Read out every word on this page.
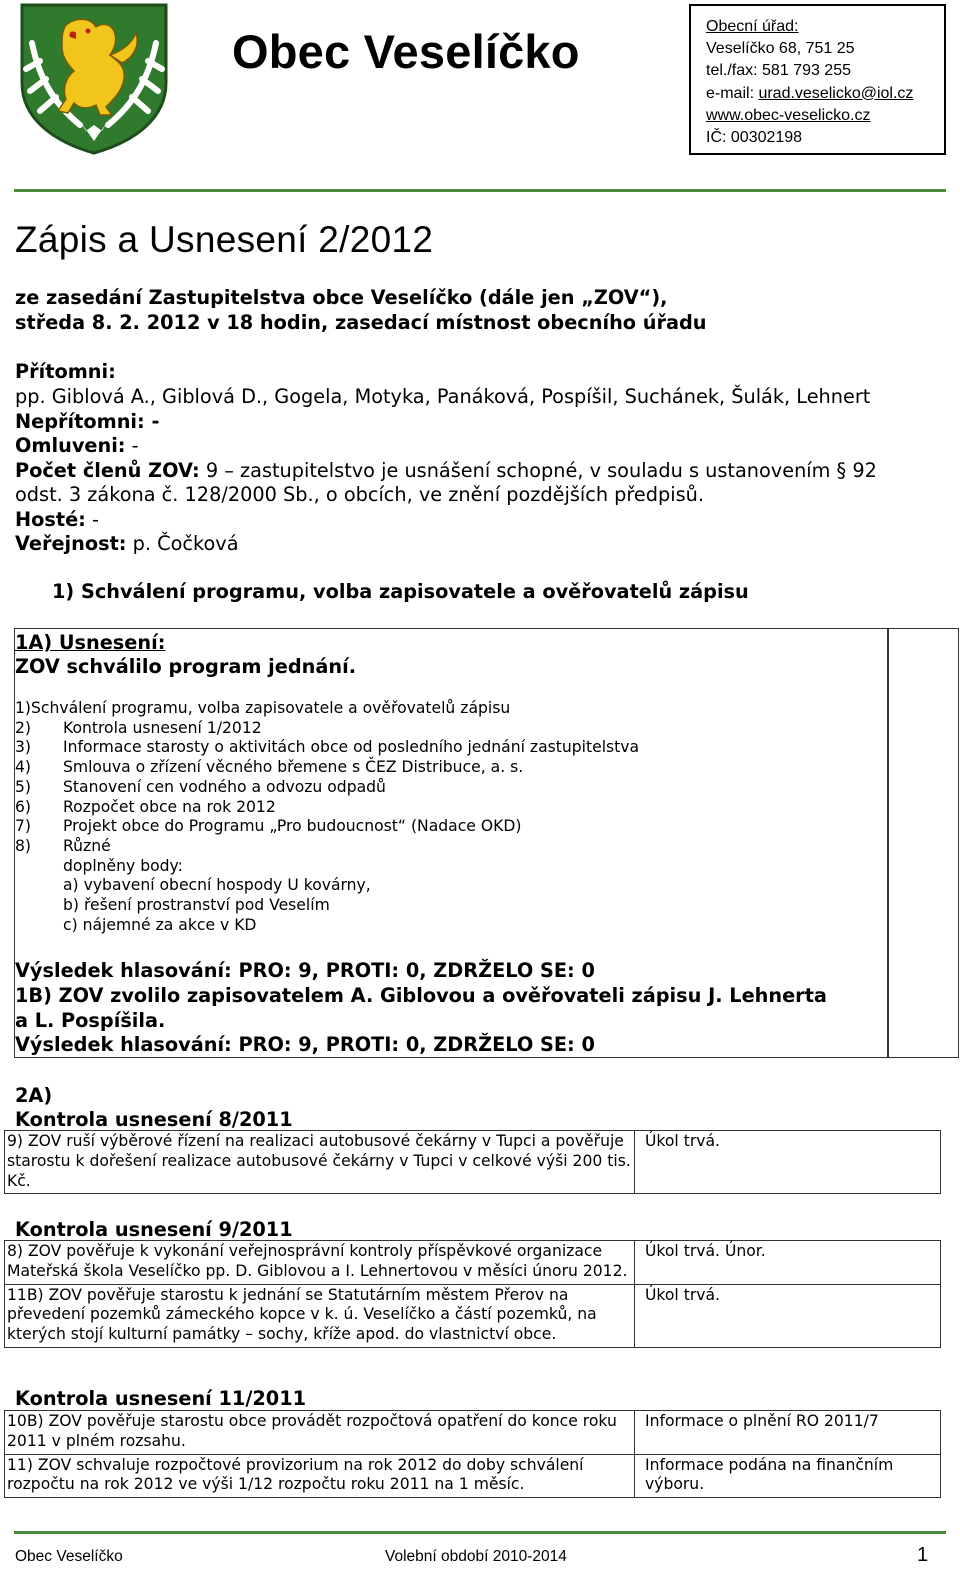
Obec Veselíčko	Obecní úřad:
Veselíčko 68, 751 25
tel./fax: 581 793 255
e-mail: urad.veselicko@iol.cz
www.obec-veselicko.cz
IČ: 00302198
Zápis a Usnesení 2/2012
ze zasedání Zastupitelstva obce Veselíčko (dále jen „ZOV“),
středa 8. 2. 2012 v 18 hodin, zasedací místnost obecního úřadu
Přítomni:
pp. Giblová A., Giblová D., Gogela, Motyka, Panáková, Pospíšil, Suchánek, Šulák, Lehnert
Nepřítomni: -
Omluveni: -
Počet členů ZOV: 9 – zastupitelstvo je usnášení schopné, v souladu s ustanovením § 92
odst. 3 zákona č. 128/2000 Sb., o obcích, ve znění pozdějších předpisů.
Hosté: -
Veřejnost: p. Čočková
1) Schválení programu, volba zapisovatele a ověřovatelů zápisu
1A) Usnesení:
ZOV schválilo program jednání.
1)Schválení programu, volba zapisovatele a ověřovatelů zápisu
2) Kontrola usnesení 1/2012
3) Informace starosty o aktivitách obce od posledního jednání zastupitelstva
4) Smlouva o zřízení věcného břemene s ČEZ Distribuce, a. s.
5) Stanovení cen vodného a odvozu odpadů
6) Rozpočet obce na rok 2012
7) Projekt obce do Programu „Pro budoucnost“ (Nadace OKD)
8) Různé
doplněny body:
a) vybavení obecní hospody U kovárny,
b) řešení prostranství pod Veselím
c) nájemné za akce v KD
Výsledek hlasování: PRO: 9, PROTI: 0, ZDRŽELO SE: 0
1B) ZOV zvolilo zapisovatelem A. Giblovou a ověřovateli zápisu J. Lehnerta
a L. Pospíšila.
Výsledek hlasování: PRO: 9, PROTI: 0, ZDRŽELO SE: 0
2A)
Kontrola usnesení 8/2011
9) ZOV ruší výběrové řízení na realizaci autobusové čekárny v Tupci a pověřuje starostu k dořešení realizace autobusové čekárny v Tupci v celkové výši 200 tis. Kč.	Úkol trvá.
Kontrola usnesení 9/2011
8) ZOV pověřuje k vykonání veřejnosprávní kontroly příspěvkové organizace Mateřská škola Veselíčko pp. D. Giblovou a I. Lehnertovou v měsíci únoru 2012.	Úkol trvá. Únor.
11B) ZOV pověřuje starostu k jednání se Statutárním městem Přerov na převedení pozemků zámeckého kopce v k. ú. Veselíčko a částí pozemků, na kterých stojí kulturní památky – sochy, kříže apod. do vlastnictví obce.	Úkol trvá.
Kontrola usnesení 11/2011
10B) ZOV pověřuje starostu obce provádět rozpočtová opatření do konce roku 2011 v plném rozsahu.	Informace o plnění RO 2011/7
11) ZOV schvaluje rozpočtové provizorium na rok 2012 do doby schválení rozpočtu na rok 2012 ve výši 1/12 rozpočtu roku 2011 na 1 měsíc.	Informace podána na finančním výboru.
Obec Veselíčko	Volební období 2010-2014	1
